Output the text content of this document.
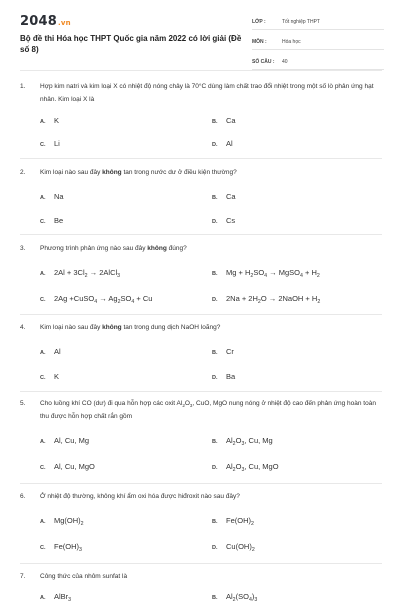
2048.vn
Bộ đề thi Hóa học THPT Quốc gia năm 2022 có lời giải (Đề số 8)
LỚP :	Tốt nghiệp THPT
MÔN :	Hóa học
SỐ CÂU :	40
1.	Hợp kim natri và kim loại X có nhiệt độ nóng chảy là 70°C dùng làm chất trao đổi nhiệt trong một số lò phản ứng hạt nhân. Kim loại X là
A. K	B. Ca
C. Li	D. Al
2.	Kim loại nào sau đây không tan trong nước dư ở điều kiện thường?
A. Na	B. Ca
C. Be	D. Cs
3.	Phương trình phản ứng nào sau đây không đúng?
A. $2Al + 3Cl_2$ → 2AlCl$_3$	B. $Mg + H_2SO_4$ → MgSO$_4$ + $H_2$
C. 2Ag +CuSO$_4$ → $Ag_2SO_4 + Cu$	D. $2Na + 2H_2O$ → 2NaOH + $H_2$
4.	Kim loại nào sau đây không tan trong dung dịch NaOH loãng?
A. Al	B. Cr
C. K	D. Ba
5.	Cho luồng khí CO (dư) đi qua hỗn hợp các oxit $Al_2O_3$, CuO, MgO nung nóng ở nhiệt độ cao đến phản ứng hoàn toàn thu được hỗn hợp chất rắn gồm
A. Al, Cu, Mg	B. $Al_2O_3$, Cu, Mg
C. Al, Cu, MgO	D. $Al_2O_3$, Cu, MgO
6.	Ở nhiệt độ thường, không khí ẩm oxi hóa được hiđroxit nào sau đây?
A. $Mg(OH)_2$	B. $Fe(OH)_2$
C. $Fe(OH)_3$	D. $Cu(OH)_2$
7.	Công thức của nhôm sunfat là
A. AlBr$_3$	B. $Al_2(SO_4)_3$
